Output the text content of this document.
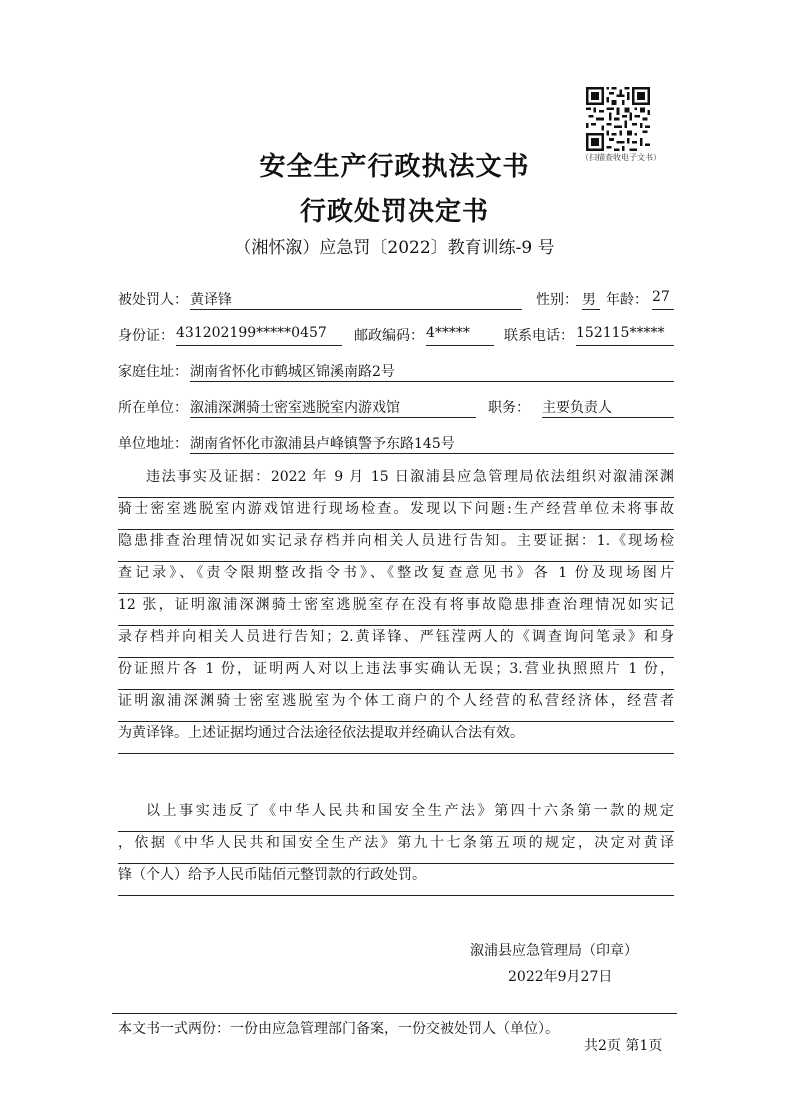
（扫描查收电子文书）
安全生产行政执法文书
行政处罚决定书
（湘怀溆）应急罚〔2022〕教育训练-9 号
被处罚人： 黄译锋	性别： 男 年龄： 27
身份证： 431202199*****0457	邮政编码： 4*****	联系电话： 152115*****
家庭住址： 湖南省怀化市鹤城区锦溪南路2号
所在单位： 溆浦深渊骑士密室逃脱室内游戏馆	职务： 主要负责人
单位地址： 湖南省怀化市溆浦县卢峰镇警予东路145号
违法事实及证据：2022 年 9 月 15 日溆浦县应急管理局依法组织对溆浦深渊
骑士密室逃脱室内游戏馆进行现场检查。发现以下问题:生产经营单位未将事故
隐患排查治理情况如实记录存档并向相关人员进行告知。主要证据：1.《现场检
查记录》、《责令限期整改指令书》、《整改复查意见书》各 1 份及现场图片
12 张，证明溆浦深渊骑士密室逃脱室存在没有将事故隐患排查治理情况如实记
录存档并向相关人员进行告知；2.黄译锋、严钰滢两人的《调查询问笔录》和身
份证照片各 1 份，证明两人对以上违法事实确认无误；3.营业执照照片 1 份，
证明溆浦深渊骑士密室逃脱室为个体工商户的个人经营的私营经济体，经营者
为黄译锋。上述证据均通过合法途径依法提取并经确认合法有效。
以上事实违反了《中华人民共和国安全生产法》第四十六条第一款的规定
，依据《中华人民共和国安全生产法》第九十七条第五项的规定，决定对黄译
锋（个人）给予人民币陆佰元整罚款的行政处罚。
溆浦县应急管理局（印章）
2022年9月27日
本文书一式两份：一份由应急管理部门备案，一份交被处罚人（单位）。
共2页 第1页
